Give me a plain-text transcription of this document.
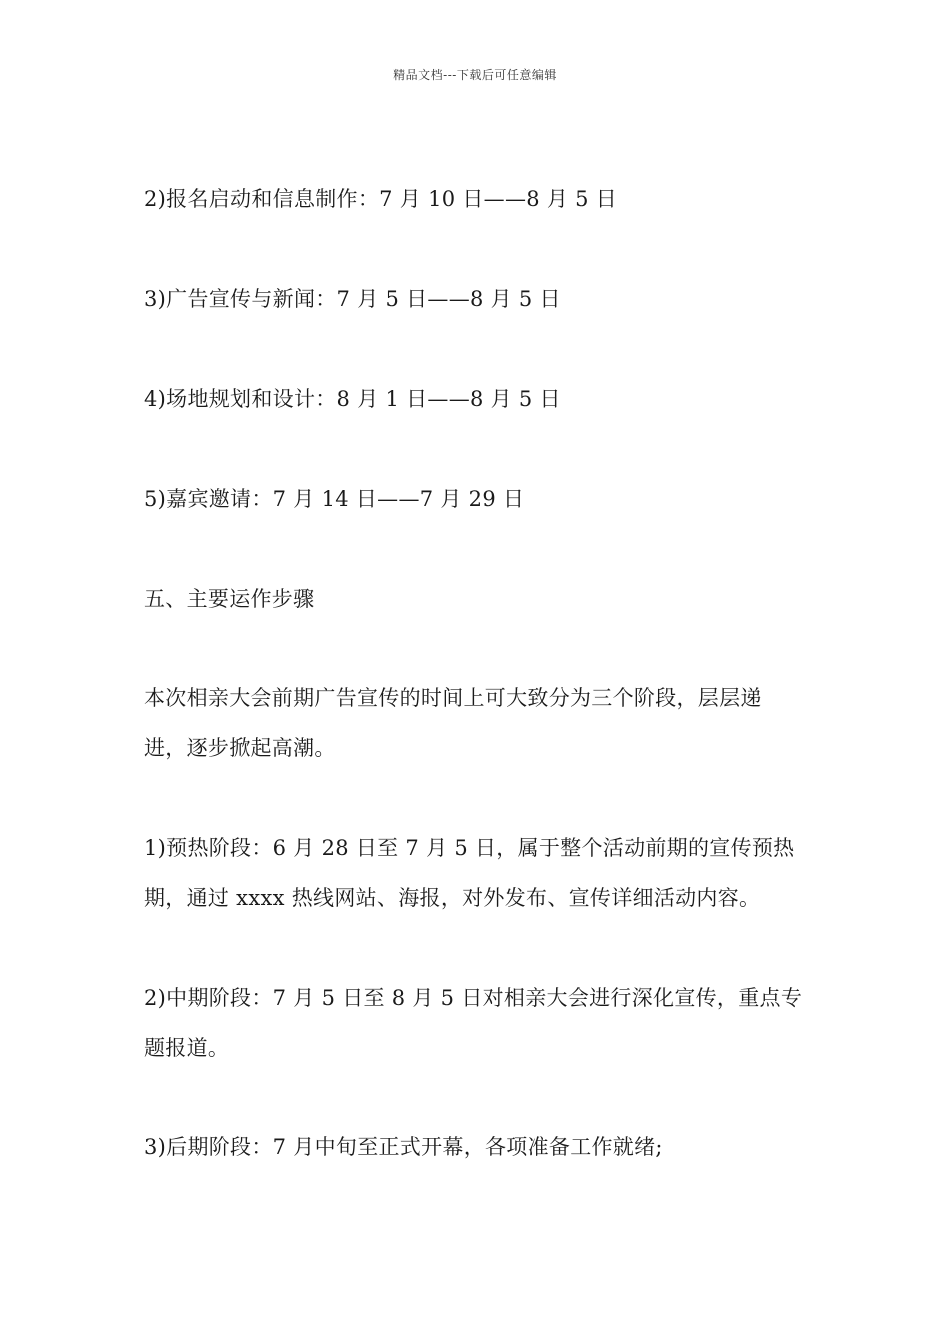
精品文档---下载后可任意编辑
2)报名启动和信息制作：7 月 10 日——8 月 5 日
3)广告宣传与新闻：7 月 5 日——8 月 5 日
4)场地规划和设计：8 月 1 日——8 月 5 日
5)嘉宾邀请：7 月 14 日——7 月 29 日
五、主要运作步骤
本次相亲大会前期广告宣传的时间上可大致分为三个阶段，层层递
进，逐步掀起高潮。
1)预热阶段：6 月 28 日至 7 月 5 日，属于整个活动前期的宣传预热
期，通过 xxxx 热线网站、海报，对外发布、宣传详细活动内容。
2)中期阶段：7 月 5 日至 8 月 5 日对相亲大会进行深化宣传，重点专
题报道。
3)后期阶段：7 月中旬至正式开幕，各项准备工作就绪;
